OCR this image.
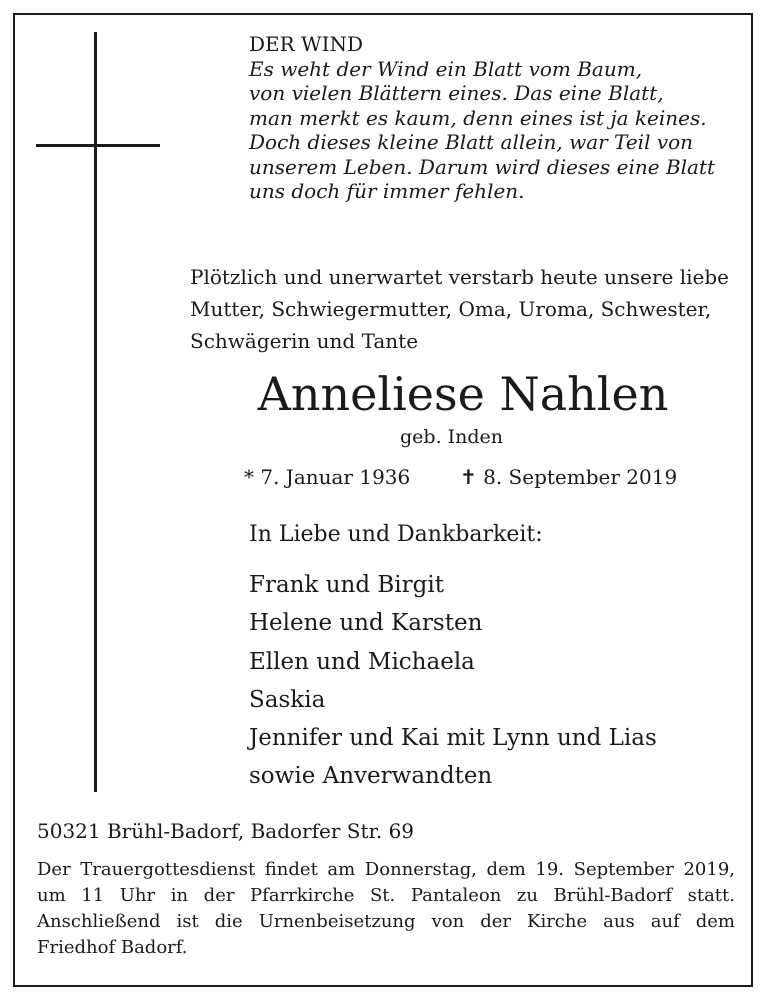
DER WIND
Es weht der Wind ein Blatt vom Baum,
von vielen Blättern eines. Das eine Blatt,
man merkt es kaum, denn eines ist ja keines.
Doch dieses kleine Blatt allein, war Teil von
unserem Leben. Darum wird dieses eine Blatt
uns doch für immer fehlen.
Plötzlich und unerwartet verstarb heute unsere liebe
Mutter, Schwiegermutter, Oma, Uroma, Schwester,
Schwägerin und Tante
Anneliese Nahlen
geb. Inden
* 7. Januar 1936 ✝ 8. September 2019
In Liebe und Dankbarkeit:
Frank und Birgit
Helene und Karsten
Ellen und Michaela
Saskia
Jennifer und Kai mit Lynn und Lias
sowie Anverwandten
50321 Brühl-Badorf, Badorfer Str. 69
Der Trauergottesdienst findet am Donnerstag, dem 19. September 2019,
um 11 Uhr in der Pfarrkirche St. Pantaleon zu Brühl-Badorf statt.
Anschließend ist die Urnenbeisetzung von der Kirche aus auf dem
Friedhof Badorf.
